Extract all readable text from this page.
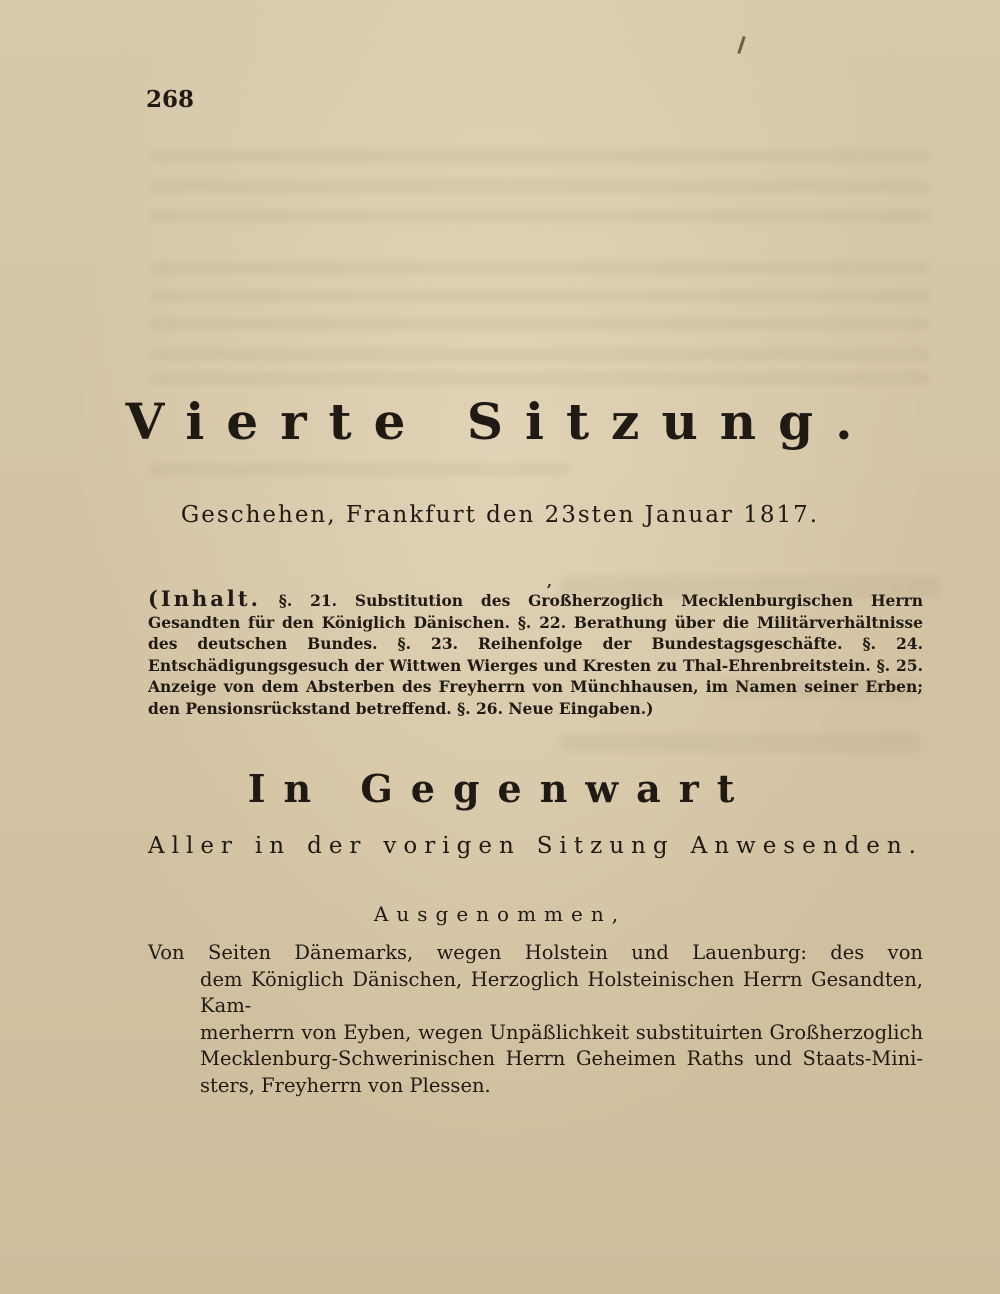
268
Vierte Sitzung.
Geschehen, Frankfurt den 23sten Januar 1817.
,
(Inhalt. §. 21. Substitution des Großherzoglich Mecklenburgischen Herrn Gesandten für den Königlich Dänischen. §. 22. Berathung über die Militärverhältnisse des deutschen Bundes. §. 23. Reihenfolge der Bundestagsgeschäfte. §. 24. Entschädigungsgesuch der Wittwen Wierges und Kresten zu Thal-Ehrenbreitstein. §. 25. Anzeige von dem Absterben des Freyherrn von Münchhausen, im Namen seiner Erben; den Pensionsrückstand betreffend. §. 26. Neue Eingaben.)
In Gegenwart
Aller in der vorigen Sitzung Anwesenden.
Ausgenommen,
Von Seiten Dänemarks, wegen Holstein und Lauenburg: des von
dem Königlich Dänischen, Herzoglich Holsteinischen Herrn Gesandten, Kam-
merherrn von Eyben, wegen Unpäßlichkeit substituirten Großherzoglich
Mecklenburg-Schwerinischen Herrn Geheimen Raths und Staats-Mini-
sters, Freyherrn von Plessen.
